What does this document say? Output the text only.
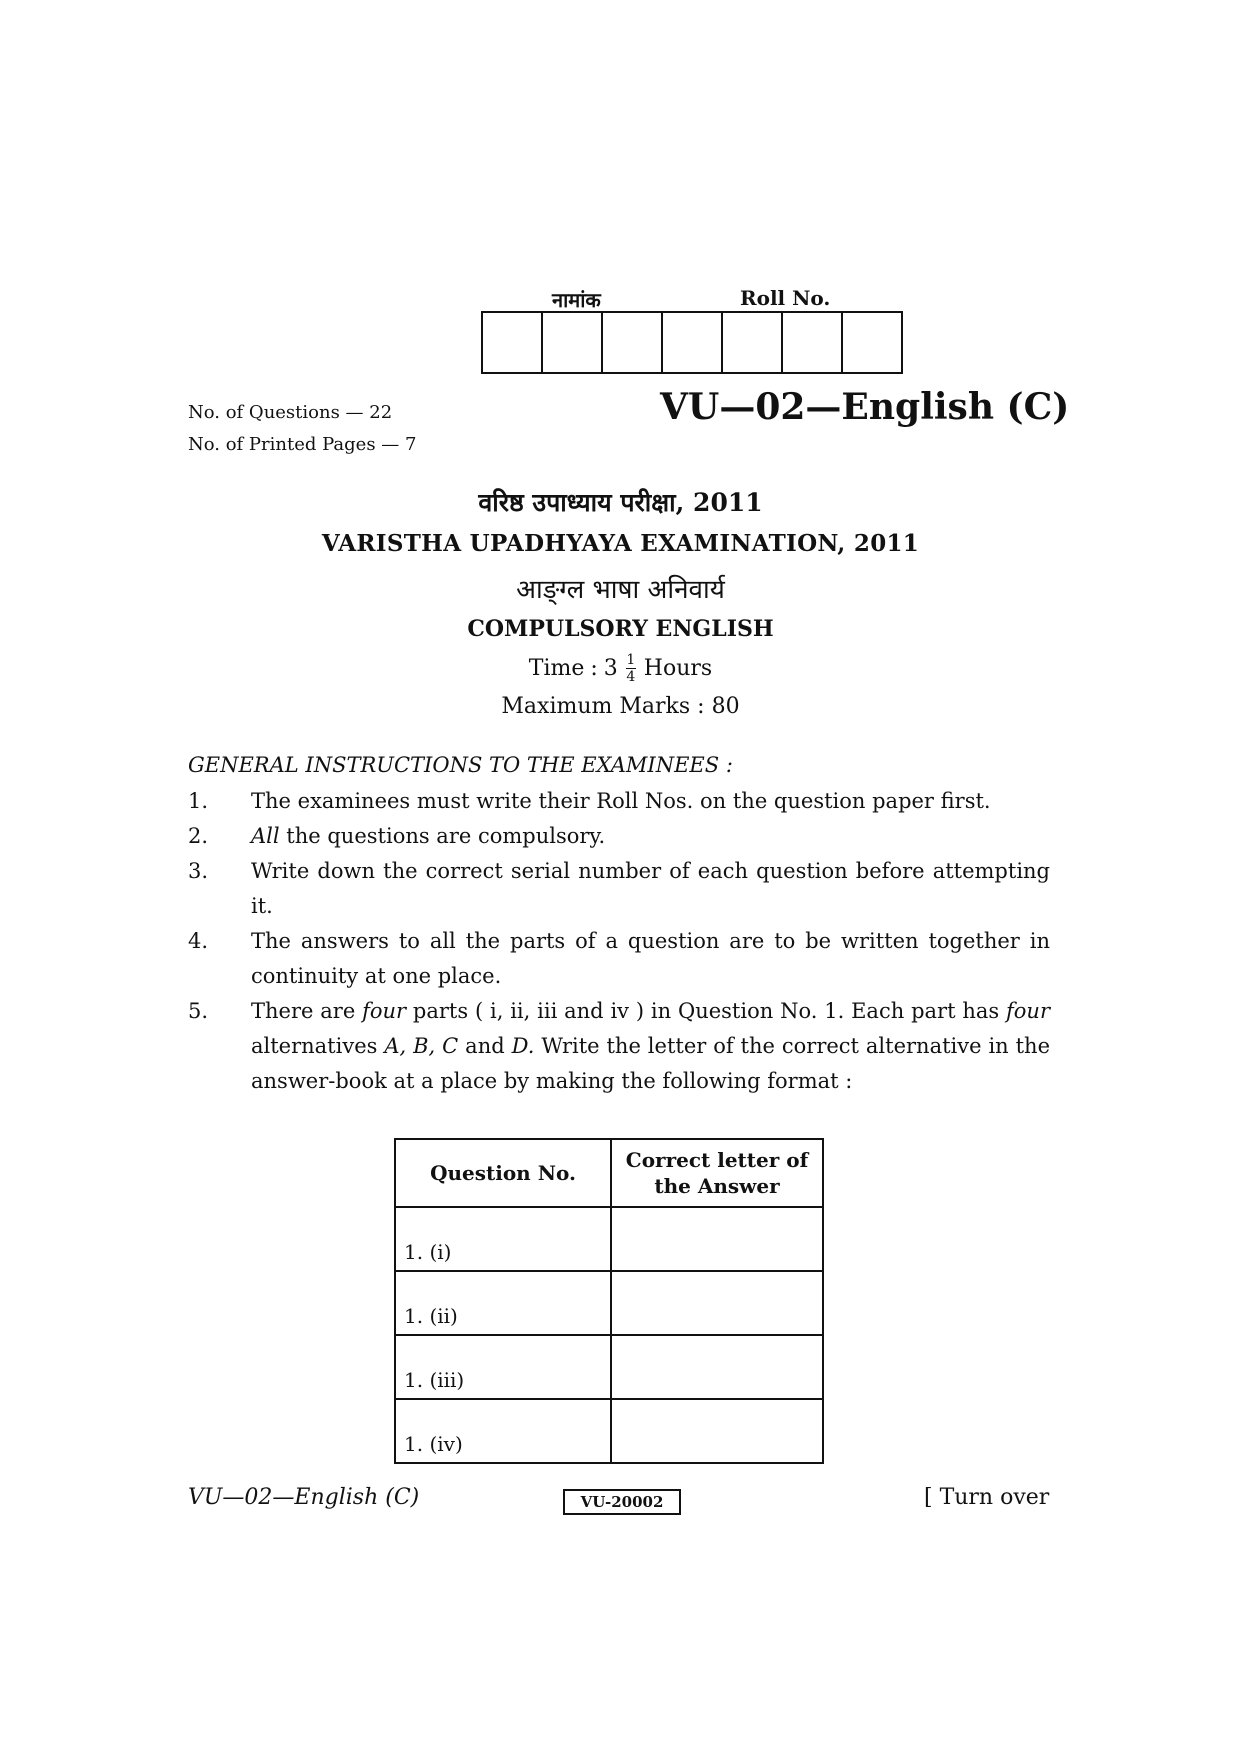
नामांक	Roll No.
No. of Questions — 22
No. of Printed Pages — 7
VU—02—English (C)
वरिष्ठ उपाध्याय परीक्षा, 2011
VARISTHA UPADHYAYA EXAMINATION, 2011
आङ्ग्ल भाषा अनिवार्य
COMPULSORY ENGLISH
Time : $3 \frac{1}{4}$ Hours
Maximum Marks : 80
GENERAL INSTRUCTIONS TO THE EXAMINEES :
1.	The examinees must write their Roll Nos. on the question paper first.
2.	All the questions are compulsory.
3.	Write down the correct serial number of each question before attempting it.
4.	The answers to all the parts of a question are to be written together in continuity at one place.
5.	There are four parts ( i, ii, iii and iv ) in Question No. 1. Each part has four alternatives A, B, C and D. Write the letter of the correct alternative in the answer-book at a place by making the following format :
Question No.	Correct letter of the Answer
1. (i)	
1. (ii)	
1. (iii)	
1. (iv)	
VU—02—English (C)	VU-20002	[ Turn over
